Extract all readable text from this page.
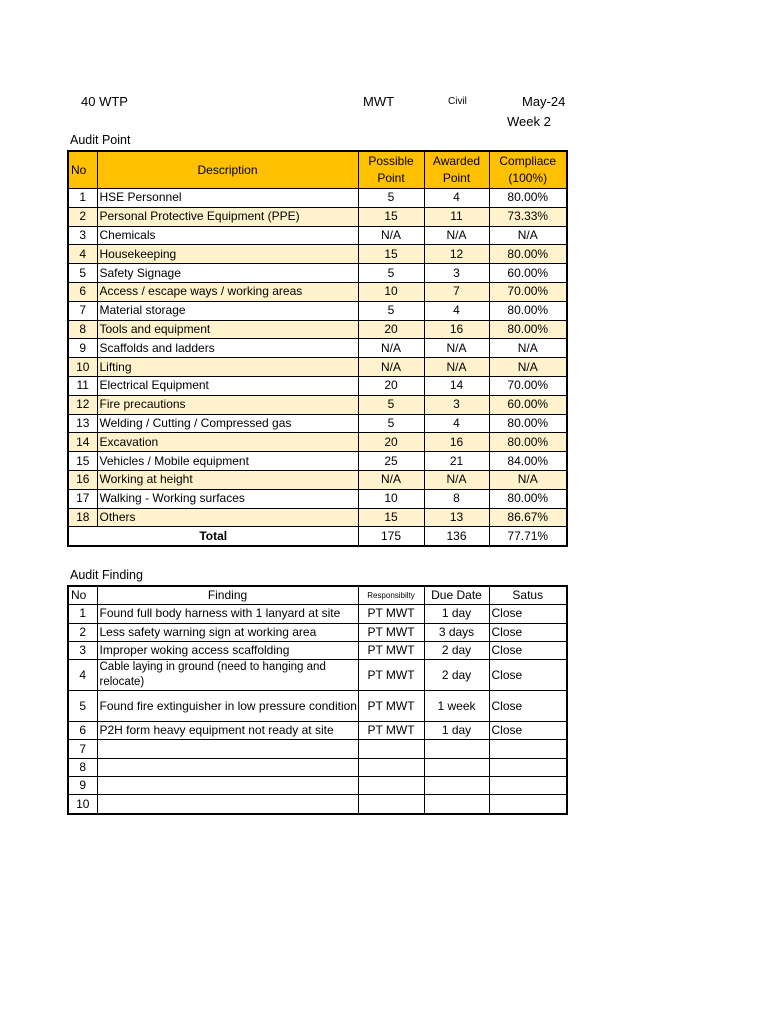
40 WTP	MWT	Civil	May-24
Week 2
Audit Point
No	Description	Possible Point	Awarded Point	Compliace (100%)
1	HSE Personnel	5	4	80.00%
2	Personal Protective Equipment (PPE)	15	11	73.33%
3	Chemicals	N/A	N/A	N/A
4	Housekeeping	15	12	80.00%
5	Safety Signage	5	3	60.00%
6	Access / escape ways / working areas	10	7	70.00%
7	Material storage	5	4	80.00%
8	Tools and equipment	20	16	80.00%
9	Scaffolds and ladders	N/A	N/A	N/A
10	Lifting	N/A	N/A	N/A
11	Electrical Equipment	20	14	70.00%
12	Fire precautions	5	3	60.00%
13	Welding / Cutting / Compressed gas	5	4	80.00%
14	Excavation	20	16	80.00%
15	Vehicles / Mobile equipment	25	21	84.00%
16	Working at height	N/A	N/A	N/A
17	Walking - Working surfaces	10	8	80.00%
18	Others	15	13	86.67%
Total		175	136	77.71%
Audit Finding
No	Finding	Responsibilty	Due Date	Satus
1	Found full body harness with 1 lanyard at site	PT MWT	1 day	Close
2	Less safety warning sign at working area	PT MWT	3 days	Close
3	Improper woking access scaffolding	PT MWT	2 day	Close
4	Cable laying in ground (need to hanging and relocate)	PT MWT	2 day	Close
5	Found fire extinguisher in low pressure condition	PT MWT	1 week	Close
6	P2H form heavy equipment not ready at site	PT MWT	1 day	Close
7				
8				
9				
10				
